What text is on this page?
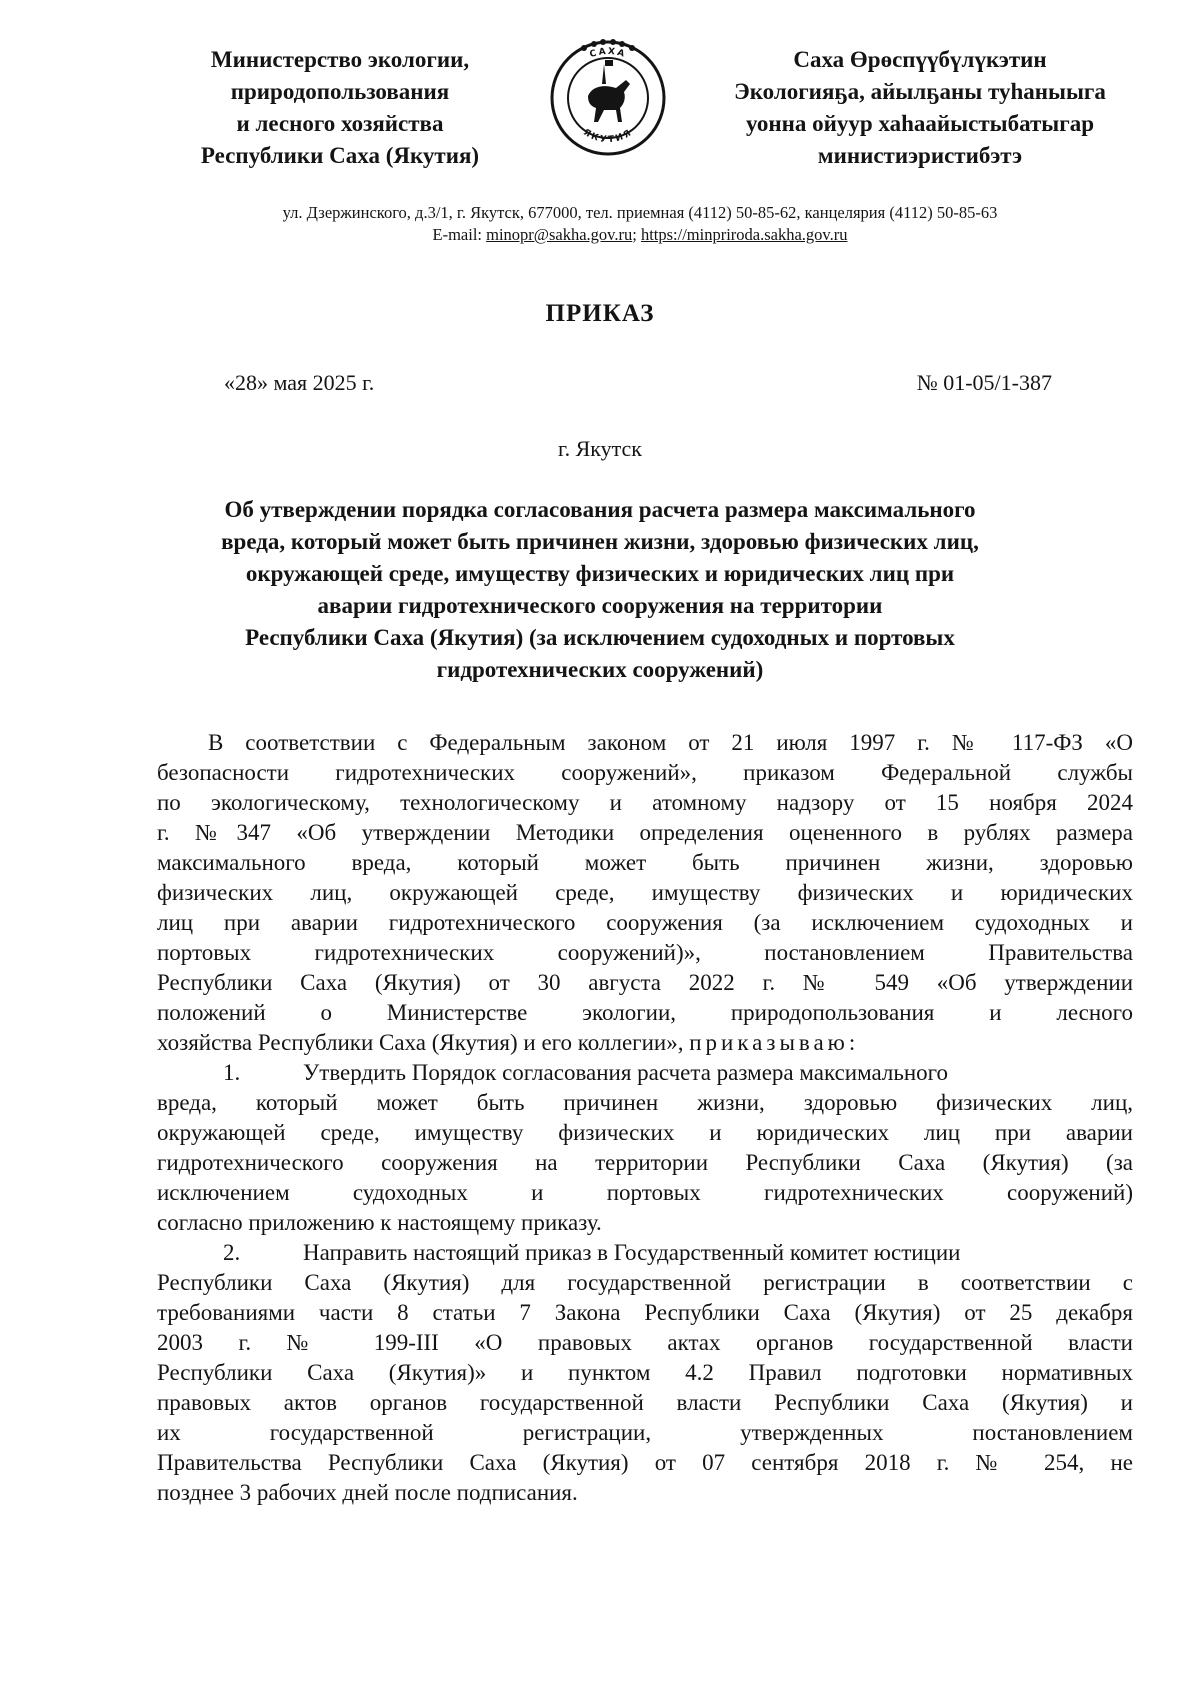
Министерство экологии,
природопользования
и лесного хозяйства
Республики Саха (Якутия)
САХА
ЯКУТИЯ
Саха Өрөспүүбүлүкэтин
Экологияҕа, айылҕаны туһаныыга
уонна ойуур хаһаайыстыбатыгар
министиэристибэтэ
ул. Дзержинского, д.3/1, г. Якутск, 677000, тел. приемная (4112) 50-85-62, канцелярия (4112) 50-85-63
E-mail: minopr@sakha.gov.ru; https://minpriroda.sakha.gov.ru
ПРИКАЗ
«28» мая 2025 г.	№ 01-05/1-387
г. Якутск
Об утверждении порядка согласования расчета размера максимального
вреда, который может быть причинен жизни, здоровью физических лиц,
окружающей среде, имуществу физических и юридических лиц при
аварии гидротехнического сооружения на территории
Республики Саха (Якутия) (за исключением судоходных и портовых
гидротехнических сооружений)
В соответствии с Федеральным законом от 21 июля 1997 г. № 117-ФЗ «О
безопасности гидротехнических сооружений», приказом Федеральной службы
по экологическому, технологическому и атомному надзору от 15 ноября 2024
г. №347 «Об утверждении Методики определения оцененного в рублях размера
максимального вреда, который может быть причинен жизни, здоровью
физических лиц, окружающей среде, имуществу физических и юридических
лиц при аварии гидротехнического сооружения (за исключением судоходных и
портовых гидротехнических сооружений)», постановлением Правительства
Республики Саха (Якутия) от 30 августа 2022 г. № 549 «Об утверждении
положений о Министерстве экологии, природопользования и лесного
хозяйства Республики Саха (Якутия) и его коллегии», приказываю:
1.	Утвердить Порядок согласования расчета размера максимального
вреда, который может быть причинен жизни, здоровью физических лиц,
окружающей среде, имуществу физических и юридических лиц при аварии
гидротехнического сооружения на территории Республики Саха (Якутия) (за
исключением судоходных и портовых гидротехнических сооружений)
согласно приложению к настоящему приказу.
2.	Направить настоящий приказ в Государственный комитет юстиции
Республики Саха (Якутия) для государственной регистрации в соответствии с
требованиями части 8 статьи 7 Закона Республики Саха (Якутия) от 25 декабря
2003 г. № 199-III «О правовых актах органов государственной власти
Республики Саха (Якутия)» и пунктом 4.2 Правил подготовки нормативных
правовых актов органов государственной власти Республики Саха (Якутия) и
их государственной регистрации, утвержденных постановлением
Правительства Республики Саха (Якутия) от 07 сентября 2018 г. № 254, не
позднее 3 рабочих дней после подписания.
